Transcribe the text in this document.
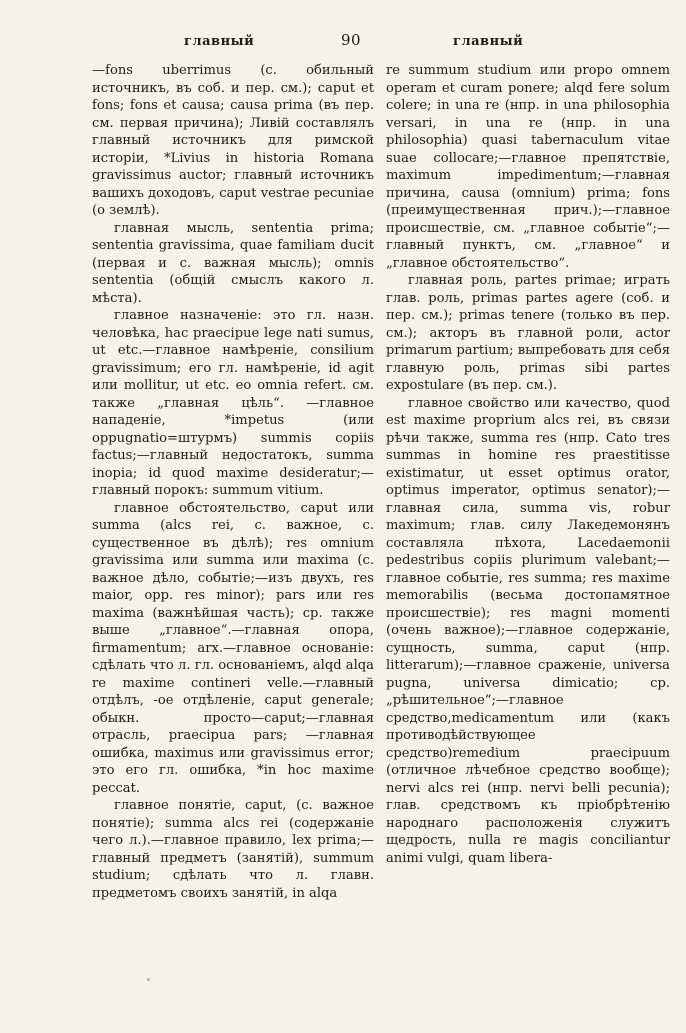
главный	90	главный

—fons uberrimus (с. обильный источникъ, въ соб. и пер. см.); caput et fons; fons et causa; causa prima (въ пер. см. первая причина); Ливій составлялъ главный источникъ для римской исторіи, *Livius in historia Romana gravissimus auctor; главный источникъ вашихъ доходовъ, caput vestrae pecuniae (о землѣ).

главная мысль, sententia prima; sententia gravissima, quae familiam ducit (первая и с. важная мысль); omnis sententia (общій смыслъ какого л. мѣста).

главное назначеніе: это гл. назн. человѣка, hac praecipue lege nati sumus, ut etc.—главное намѣреніе, consilium gravissimum; его гл. намѣреніе, id agit или mollitur, ut etc. eo omnia refert. см. также „главная цѣль“. —главное нападеніе, *impetus (или oppugnatio=штурмъ) summis copiis factus;—главный недостатокъ, summa inopia; id quod maxime desideratur;—главный порокъ: summum vitium.

главное обстоятельство, caput или summa (alcs rei, с. важное, с. существенное въ дѣлѣ); res omnium gravissima или summa или maxima (с. важное дѣло, событіе;—изъ двухъ, res maior, opp. res minor); pars или res maxima (важнѣйшая часть); ср. также выше „главное“.—главная опора, firmamentum; arx.—главное основаніе: сдѣлать что л. гл. основаніемъ, alqd alqa re maxime contineri velle.—главный отдѣлъ, -ое отдѣленіе, caput generale; обыкн. просто—caput;—главная отрасль, praecipua pars; —главная ошибка, maximus или gravissimus error; это его гл. ошибка, *in hoc maxime peccat.

главное понятіе, caput, (с. важное понятіе); summa alcs rei (содержаніе чего л.).—главное правило, lex prima;—главный предметъ (занятій), summum studium; сдѣлать что л. главн. предметомъ своихъ занятій, in alqa

re summum studium или propo omnem operam et curam ponere; alqd fere solum colere; in una re (нпр. in una philosophia versari, in una re (нпр. in una philosophia) quasi tabernaculum vitae suae collocare;—главное препятствіе, maximum impedimentum;—главная причина, causa (omnium) prima; fons (преимущественная прич.);—главное происшествіе, см. „главное событіе“;—главный пунктъ, см. „главное“ и „главное обстоятельство“.

главная роль, partes primae; играть глав. роль, primas partes agere (соб. и пер. см.); primas tenere (только въ пер. см.); акторъ въ главной роли, actor primarum partium; выпребовать для себя главную роль, primas sibi partes expostulare (въ пер. см.).

главное свойство или качество, quod est maxime proprium alcs rei, въ связи рѣчи также, summa res (нпр. Cato tres summas in homine res praestitisse existimatur, ut esset optimus orator, optimus imperator, optimus senator);—главная сила, summa vis, robur maximum; глав. силу Лакедемонянъ составляла пѣхота, Lacedaemonii pedestribus copiis plurimum valebant;—главное событіе, res summa; res maxime memorabilis (весьма достопамятное происшествіе); res magni momenti (очень важное);—главное содержаніе, сущность, summa, caput (нпр. litterarum);—главное сраженіе, universa pugna, universa dimicatio; ср. „рѣшительное“;—главное средство,medicamentum или (какъ противодѣйствующее средство)remedium praecipuum (отличное лѣчебное средство вообще); nervi alcs rei (нпр. nervi belli pecunia); глав. средствомъ къ пріобрѣтенію народнаго расположенія служитъ щедрость, nulla re magis conciliantur animi vulgi, quam libera-
